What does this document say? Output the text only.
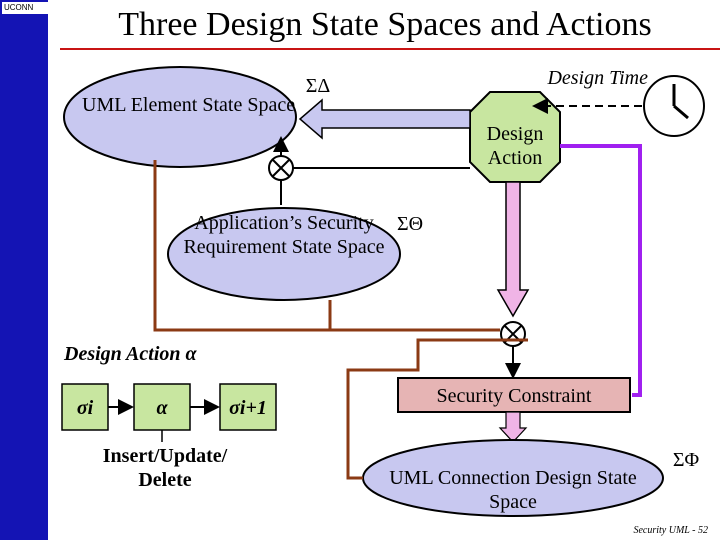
UCONN	Three Design State Spaces and Actions
UML Element State Space
Design Time
Design Action
ΣΔ
Application’s Security Requirement State Space
ΣΘ
Security Constraint
UML Connection Design State Space
ΣΦ
Design Action α
σi	α	σi+1
Insert/Update/ Delete
Security UML - 52
